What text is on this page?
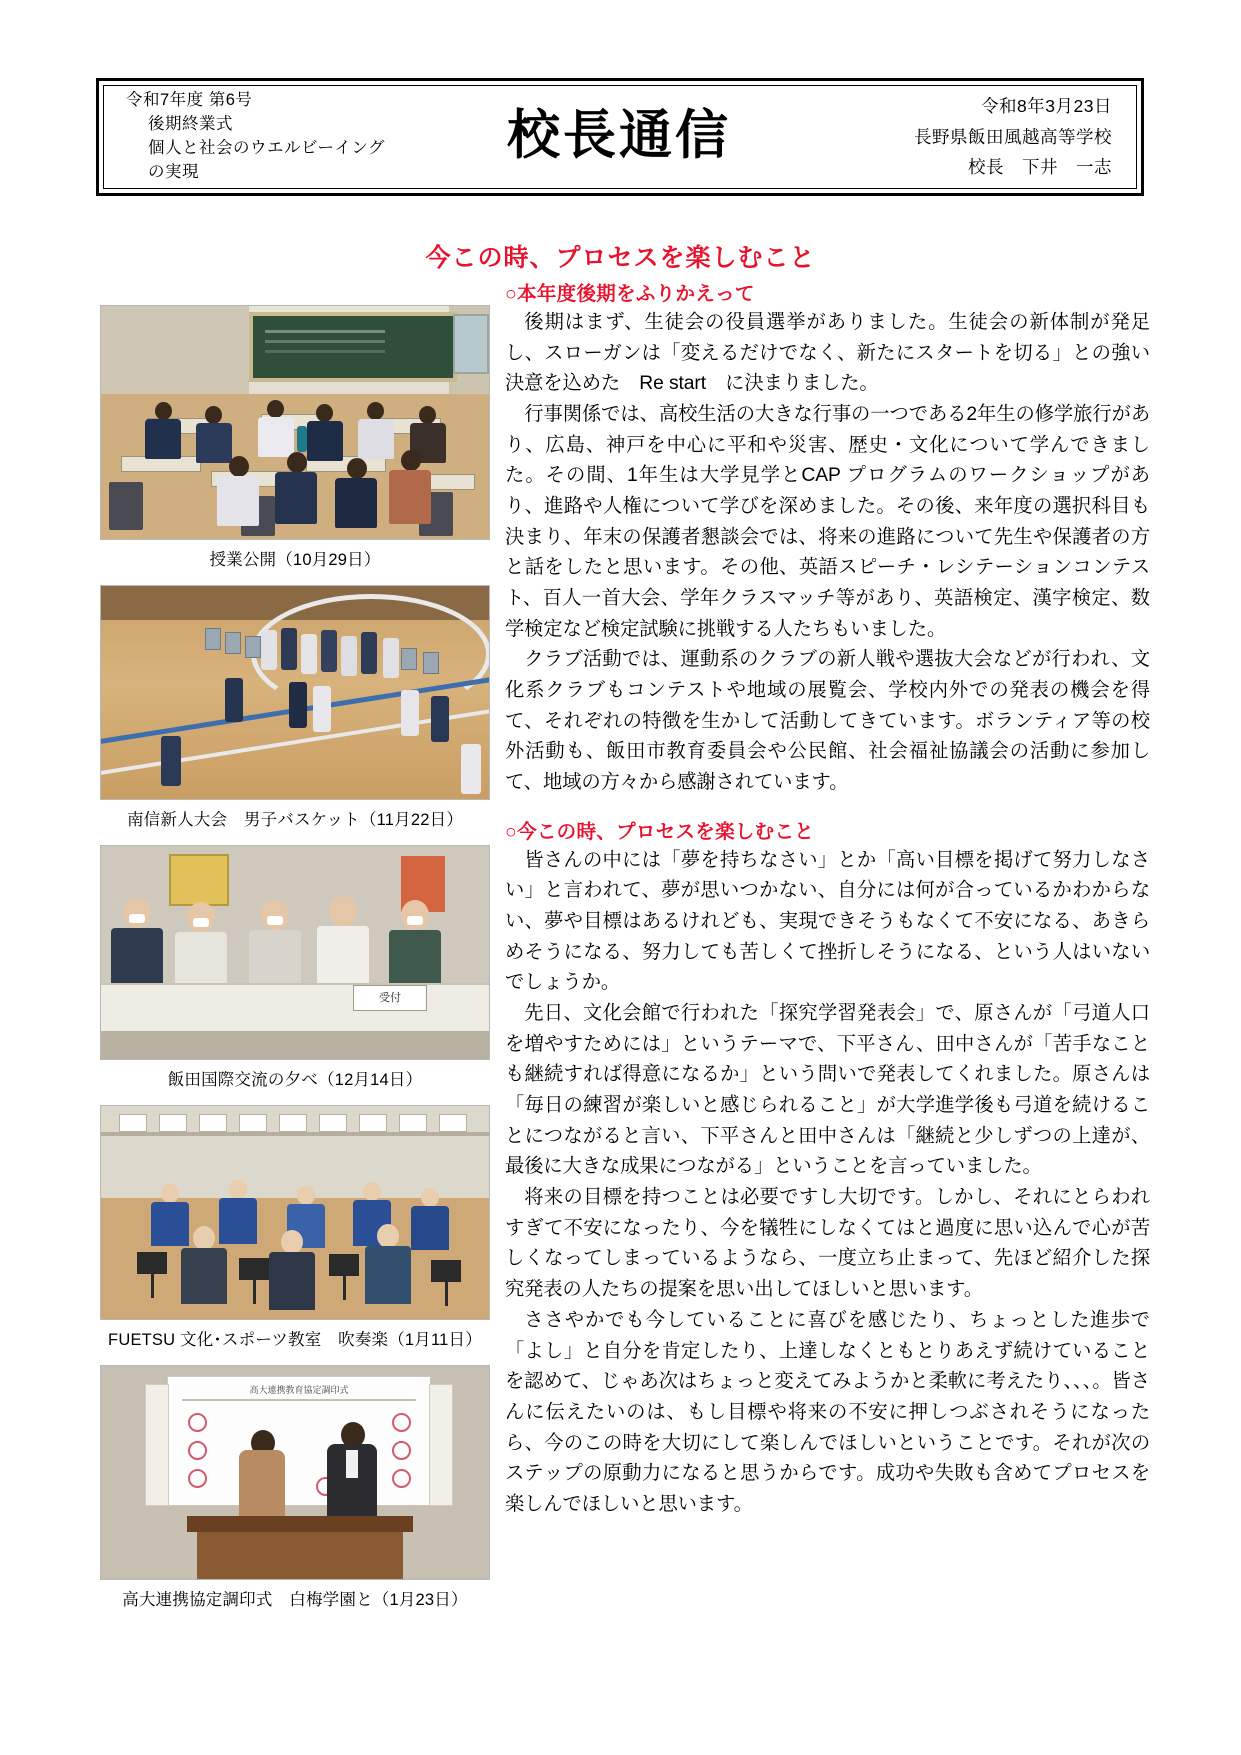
令和7年度 第6号
後期終業式
個人と社会のウエルビーイング
の実現
校長通信	令和8年3月23日
長野県飯田風越高等学校
校長　下井　一志
今この時、プロセスを楽しむこと
授業公開（10月29日）
南信新人大会　男子バスケット（11月22日）
受付
飯田国際交流の夕べ（12月14日）
FUETSU 文化･スポーツ教室　吹奏楽（1月11日）
高大連携教育協定調印式
高大連携協定調印式　白梅学園と（1月23日）
○本年度後期をふりかえって

後期はまず、生徒会の役員選挙がありました。生徒会の新体制が発足し、スローガンは「変えるだけでなく、新たにスタートを切る」との強い決意を込めた　Re start　に決まりました。

行事関係では、高校生活の大きな行事の一つである2年生の修学旅行があり、広島、神戸を中心に平和や災害、歴史・文化について学んできました。その間、1年生は大学見学とCAP プログラムのワークショップがあり、進路や人権について学びを深めました。その後、来年度の選択科目も決まり、年末の保護者懇談会では、将来の進路について先生や保護者の方と話をしたと思います。その他、英語スピーチ・レシテーションコンテスト、百人一首大会、学年クラスマッチ等があり、英語検定、漢字検定、数学検定など検定試験に挑戦する人たちもいました。

クラブ活動では、運動系のクラブの新人戦や選抜大会などが行われ、文化系クラブもコンテストや地域の展覧会、学校内外での発表の機会を得て、それぞれの特徴を生かして活動してきています。ボランティア等の校外活動も、飯田市教育委員会や公民館、社会福祉協議会の活動に参加して、地域の方々から感謝されています。

○今この時、プロセスを楽しむこと

皆さんの中には「夢を持ちなさい」とか「高い目標を掲げて努力しなさい」と言われて、夢が思いつかない、自分には何が合っているかわからない、夢や目標はあるけれども、実現できそうもなくて不安になる、あきらめそうになる、努力しても苦しくて挫折しそうになる、という人はいないでしょうか。

先日、文化会館で行われた「探究学習発表会」で、原さんが「弓道人口を増やすためには」というテーマで、下平さん、田中さんが「苦手なことも継続すれば得意になるか」という問いで発表してくれました。原さんは「毎日の練習が楽しいと感じられること」が大学進学後も弓道を続けることにつながると言い、下平さんと田中さんは「継続と少しずつの上達が、最後に大きな成果につながる」ということを言っていました。

将来の目標を持つことは必要ですし大切です。しかし、それにとらわれすぎて不安になったり、今を犠牲にしなくてはと過度に思い込んで心が苦しくなってしまっているようなら、一度立ち止まって、先ほど紹介した探究発表の人たちの提案を思い出してほしいと思います。

ささやかでも今していることに喜びを感じたり、ちょっとした進歩で「よし」と自分を肯定したり、上達しなくともとりあえず続けていることを認めて、じゃあ次はちょっと変えてみようかと柔軟に考えたり、、、。皆さんに伝えたいのは、もし目標や将来の不安に押しつぶされそうになったら、今のこの時を大切にして楽しんでほしいということです。それが次のステップの原動力になると思うからです。成功や失敗も含めてプロセスを楽しんでほしいと思います。
